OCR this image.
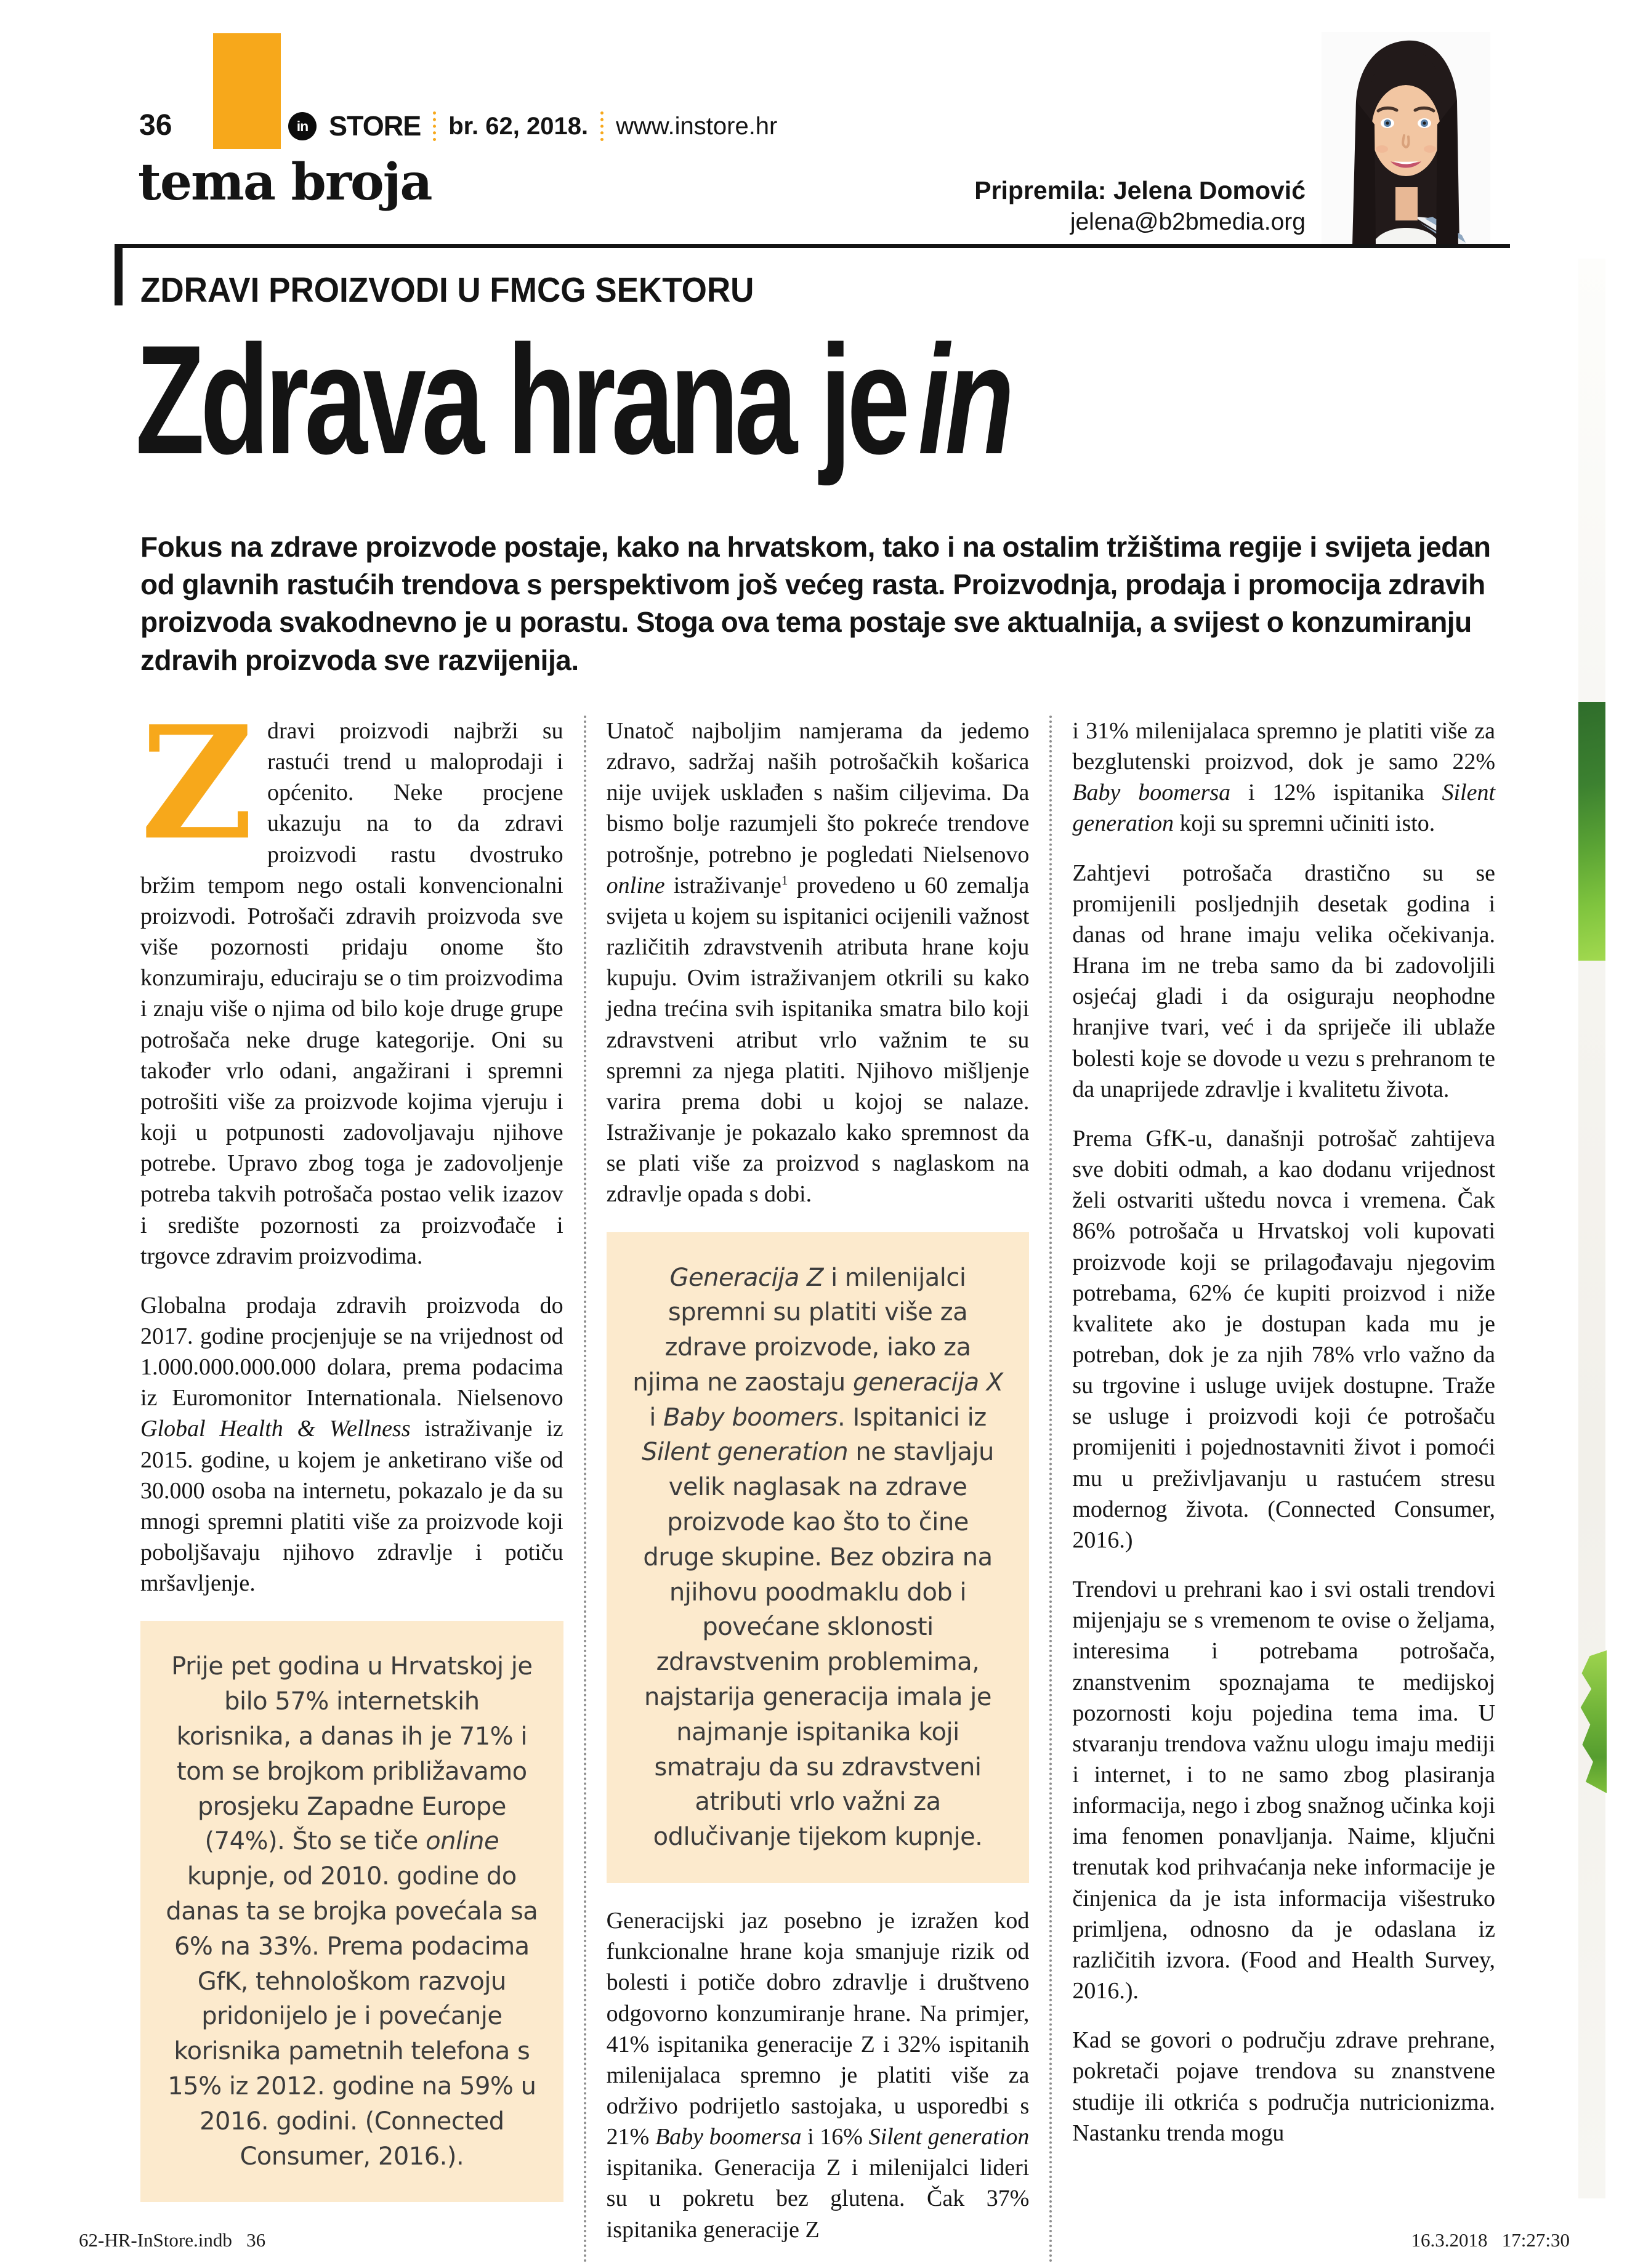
36	in STORE br. 62, 2018. www.instore.hr
tema broja	Pripremila: Jelena Domović
jelena@b2bmedia.org
ZDRAVI PROIZVODI U FMCG SEKTORU
Zdrava hrana jein

Fokus na zdrave proizvode postaje, kako na hrvatskom, tako i na ostalim tržištima regije i svijeta jedan od glavnih rastućih trendova s perspektivom još većeg rasta. Proizvodnja, prodaja i promocija zdravih proizvoda svakodnevno je u porastu. Stoga ova tema postaje sve aktualnija, a svijest o konzumiranju zdravih proizvoda sve razvijenija.

Zdravi proizvodi najbrži su rastući trend u maloprodaji i općenito. Neke procjene ukazuju na to da zdravi proizvodi rastu dvostruko bržim tempom nego ostali konvencionalni proizvodi. Potrošači zdravih proizvoda sve više pozornosti pridaju onome što konzumiraju, educiraju se o tim proizvodima i znaju više o njima od bilo koje druge grupe potrošača neke druge kategorije. Oni su također vrlo odani, angažirani i spremni potrošiti više za proizvode kojima vjeruju i koji u potpunosti zadovoljavaju njihove potrebe. Upravo zbog toga je zadovoljenje potreba takvih potrošača postao velik izazov i središte pozornosti za proizvođače i trgovce zdravim proizvodima.

Globalna prodaja zdravih proizvoda do 2017. godine procjenjuje se na vrijednost od 1.000.000.000.000 dolara, prema podacima iz Euromonitor Internationala. Nielsenovo Global Health & Wellness istraživanje iz 2015. godine, u kojem je anketirano više od 30.000 osoba na internetu, pokazalo je da su mnogi spremni platiti više za proizvode koji poboljšavaju njihovo zdravlje i potiču mršavljenje.

Prije pet godina u Hrvatskoj je bilo 57% internetskih korisnika, a danas ih je 71% i tom se brojkom približavamo prosjeku Zapadne Europe (74%). Što se tiče online kupnje, od 2010. godine do danas ta se brojka povećala sa 6% na 33%. Prema podacima GfK, tehnološkom razvoju pridonijelo je i povećanje korisnika pametnih telefona s 15% iz 2012. godine na 59% u 2016. godini. (Connected Consumer, 2016.).

Unatoč najboljim namjerama da jedemo zdravo, sadržaj naših potrošačkih košarica nije uvijek usklađen s našim ciljevima. Da bismo bolje razumjeli što pokreće trendove potrošnje, potrebno je pogledati Nielsenovo online istraživanje$^1$ provedeno u 60 zemalja svijeta u kojem su ispitanici ocijenili važnost različitih zdravstvenih atributa hrane koju kupuju. Ovim istraživanjem otkrili su kako jedna trećina svih ispitanika smatra bilo koji zdravstveni atribut vrlo važnim te su spremni za njega platiti. Njihovo mišljenje varira prema dobi u kojoj se nalaze. Istraživanje je pokazalo kako spremnost da se plati više za proizvod s naglaskom na zdravlje opada s dobi.

Generacija Z i milenijalci spremni su platiti više za zdrave proizvode, iako za njima ne zaostaju generacija X i Baby boomers. Ispitanici iz Silent generation ne stavljaju velik naglasak na zdrave proizvode kao što to čine druge skupine. Bez obzira na njihovu poodmaklu dob i povećane sklonosti zdravstvenim problemima, najstarija generacija imala je najmanje ispitanika koji smatraju da su zdravstveni atributi vrlo važni za odlučivanje tijekom kupnje.

Generacijski jaz posebno je izražen kod funkcionalne hrane koja smanjuje rizik od bolesti i potiče dobro zdravlje i društveno odgovorno konzumiranje hrane. Na primjer, 41% ispitanika generacije Z i 32% ispitanih milenijalaca spremno je platiti više za održivo podrijetlo sastojaka, u usporedbi s 21% Baby boomersa i 16% Silent generation ispitanika. Generacija Z i milenijalci lideri su u pokretu bez glutena. Čak 37% ispitanika generacije Z

i 31% milenijalaca spremno je platiti više za bezglutenski proizvod, dok je samo 22% Baby boomersa i 12% ispitanika Silent generation koji su spremni učiniti isto.

Zahtjevi potrošača drastično su se promijenili posljednjih desetak godina i danas od hrane imaju velika očekivanja. Hrana im ne treba samo da bi zadovoljili osjećaj gladi i da osiguraju neophodne hranjive tvari, već i da spriječe ili ublaže bolesti koje se dovode u vezu s prehranom te da unaprijede zdravlje i kvalitetu života.

Prema GfK-u, današnji potrošač zahtijeva sve dobiti odmah, a kao dodanu vrijednost želi ostvariti uštedu novca i vremena. Čak 86% potrošača u Hrvatskoj voli kupovati proizvode koji se prilagođavaju njegovim potrebama, 62% će kupiti proizvod i niže kvalitete ako je dostupan kada mu je potreban, dok je za njih 78% vrlo važno da su trgovine i usluge uvijek dostupne. Traže se usluge i proizvodi koji će potrošaču promijeniti i pojednostavniti život i pomoći mu u preživljavanju u rastućem stresu modernog života. (Connected Consumer, 2016.)

Trendovi u prehrani kao i svi ostali trendovi mijenjaju se s vremenom te ovise o željama, interesima i potrebama potrošača, znanstvenim spoznajama te medijskoj pozornosti koju pojedina tema ima. U stvaranju trendova važnu ulogu imaju mediji i internet, i to ne samo zbog plasiranja informacija, nego i zbog snažnog učinka koji ima fenomen ponavljanja. Naime, ključni trenutak kod prihvaćanja neke informacije je činjenica da je ista informacija višestruko primljena, odnosno da je odaslana iz različitih izvora. (Food and Health Survey, 2016.).

Kad se govori o području zdrave prehrane, pokretači pojave trendova su znanstvene studije ili otkrića s područja nutricionizma. Nastanku trenda mogu

62-HR-InStore.indb   36	16.3.2018   17:27:30
